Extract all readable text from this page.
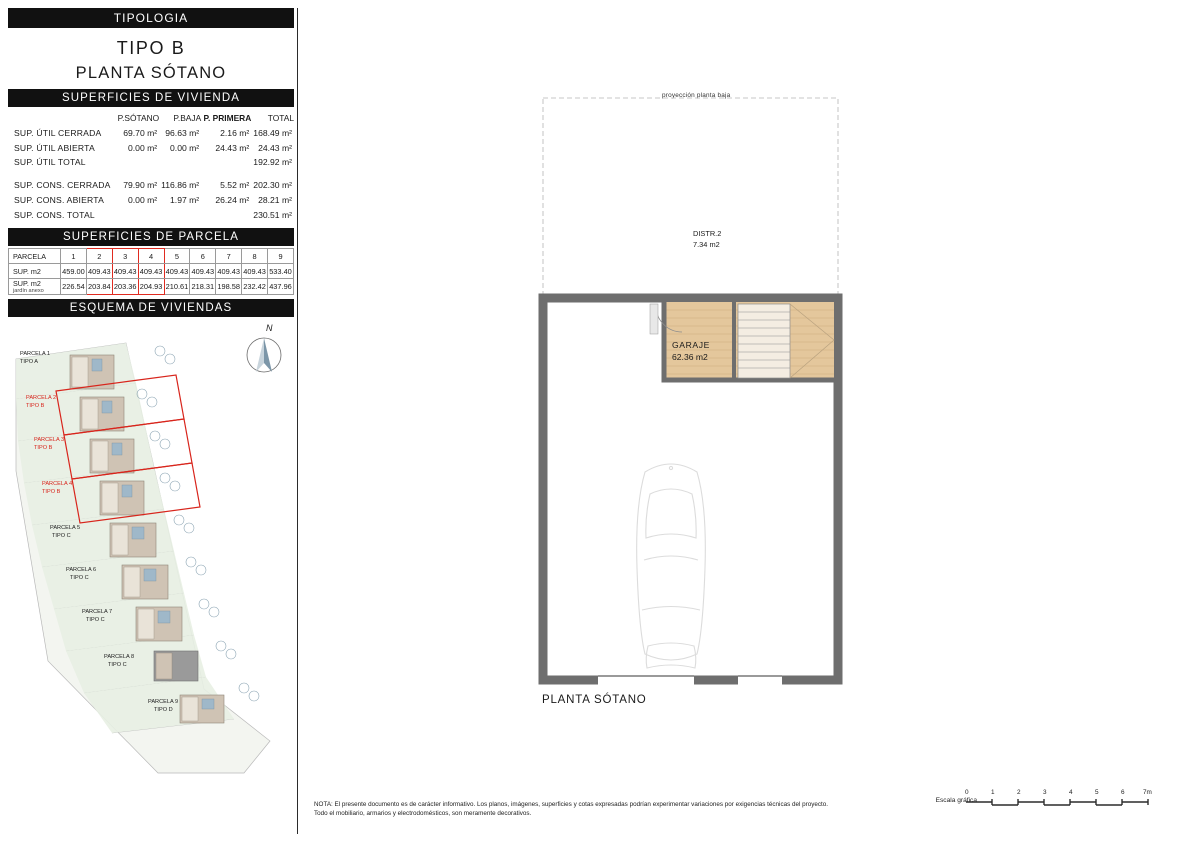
TIPOLOGIA
TIPO B
PLANTA SÓTANO
SUPERFICIES DE VIVIENDA
	P.SÓTANO	P.BAJA	P. PRIMERA	TOTAL
SUP. ÚTIL CERRADA	69.70 m²	96.63 m²	2.16 m²	168.49 m²
SUP. ÚTIL ABIERTA	0.00 m²	0.00 m²	24.43 m²	24.43 m²
SUP. ÚTIL TOTAL				192.92 m²

SUP. CONS. CERRADA	79.90 m²	116.86 m²	5.52 m²	202.30 m²
SUP. CONS. ABIERTA	0.00 m²	1.97 m²	26.24 m²	28.21 m²
SUP. CONS. TOTAL				230.51 m²
SUPERFICIES DE PARCELA
PARCELA	1	2	3	4	5	6	7	8	9
SUP. m2	459.00	409.43	409.43	409.43	409.43	409.43	409.43	409.43	533.40
SUP. m2
jardín anexo	226.54	203.84	203.36	204.93	210.61	218.31	198.58	232.42	437.96
ESQUEMA DE VIVIENDAS
PARCELA 1
TIPO A
PARCELA 2
TIPO B
PARCELA 3
TIPO B
PARCELA 4
TIPO B
PARCELA 5
TIPO C
PARCELA 6
TIPO C
PARCELA 7
TIPO C
PARCELA 8
TIPO C
PARCELA 9
TIPO D
N
proyección planta baja
DISTR.2
7.34 m2
GARAJE
62.36 m2
PLANTA SÓTANO
NOTA: El presente documento es de carácter informativo. Los planos, imágenes, superficies y cotas expresadas podrían experimentar variaciones por exigencias técnicas del proyecto.
Todo el mobiliario, armarios y electrodomésticos, son meramente decorativos.
Escala gráfica
0	1	2	3	4	5	6	7m
